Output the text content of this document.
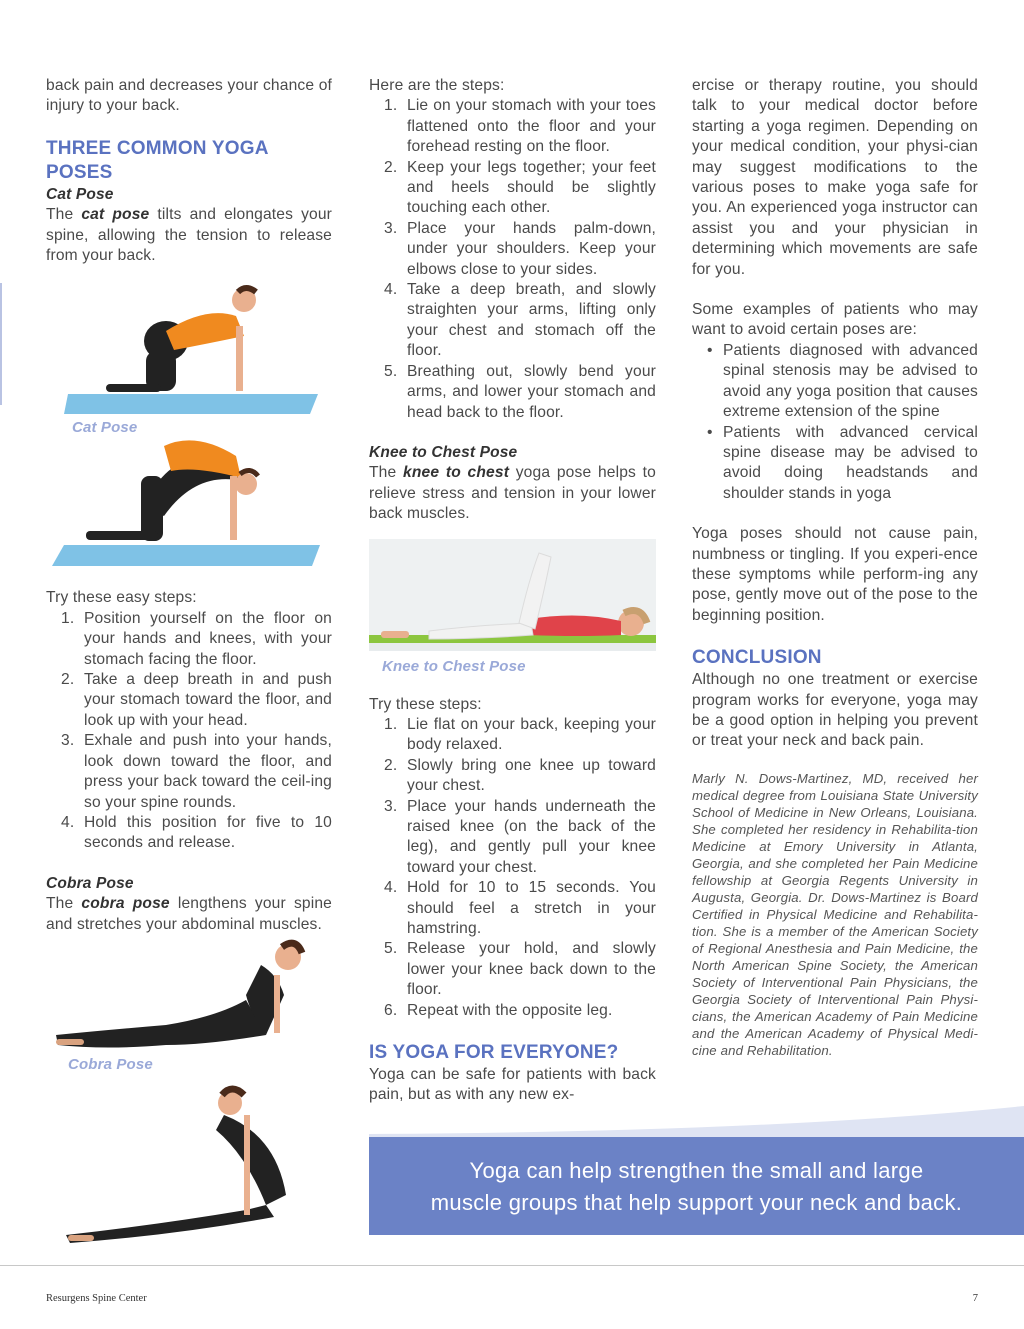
back pain and decreases your chance of injury to your back.

THREE COMMON YOGA POSES
Cat Pose

The cat pose tilts and elongates your spine, allowing the tension to release from your back.

Cat Pose

Try these easy steps:

1. Position yourself on the floor on your hands and knees, with your stomach facing the floor.
2. Take a deep breath in and push your stomach toward the floor, and look up with your head.
3. Exhale and push into your hands, look down toward the floor, and press your back toward the ceil-ing so your spine rounds.
4. Hold this position for five to 10 seconds and release.
Cobra Pose

The cobra pose lengthens your spine and stretches your abdominal muscles.

Cobra Pose

Here are the steps:

1. Lie on your stomach with your toes flattened onto the floor and your forehead resting on the floor.
2. Keep your legs together; your feet and heels should be slightly touching each other.
3. Place your hands palm-down, under your shoulders. Keep your elbows close to your sides.
4. Take a deep breath, and slowly straighten your arms, lifting only your chest and stomach off the floor.
5. Breathing out, slowly bend your arms, and lower your stomach and head back to the floor.
Knee to Chest Pose

The knee to chest yoga pose helps to relieve stress and tension in your lower back muscles.

Knee to Chest Pose

Try these steps:

1. Lie flat on your back, keeping your body relaxed.
2. Slowly bring one knee up toward your chest.
3. Place your hands underneath the raised knee (on the back of the leg), and gently pull your knee toward your chest.
4. Hold for 10 to 15 seconds. You should feel a stretch in your hamstring.
5. Release your hold, and slowly lower your knee back down to the floor.
6. Repeat with the opposite leg.
IS YOGA FOR EVERYONE?

Yoga can be safe for patients with back pain, but as with any new ex-

ercise or therapy routine, you should talk to your medical doctor before starting a yoga regimen. Depending on your medical condition, your physi-cian may suggest modifications to the various poses to make yoga safe for you. An experienced yoga instructor can assist you and your physician in determining which movements are safe for you.

Some examples of patients who may want to avoid certain poses are:

• Patients diagnosed with advanced spinal stenosis may be advised to avoid any yoga position that causes extreme extension of the spine
• Patients with advanced cervical spine disease may be advised to avoid doing headstands and shoulder stands in yoga

Yoga poses should not cause pain, numbness or tingling. If you experi-ence these symptoms while perform-ing any pose, gently move out of the pose to the beginning position.

CONCLUSION

Although no one treatment or exercise program works for everyone, yoga may be a good option in helping you prevent or treat your neck and back pain.

Marly N. Dows-Martinez, MD, received her medical degree from Louisiana State University School of Medicine in New Orleans, Louisiana. She completed her residency in Rehabilita-tion Medicine at Emory University in Atlanta, Georgia, and she completed her Pain Medicine fellowship at Georgia Regents University in Augusta, Georgia. Dr. Dows-Martinez is Board Certified in Physical Medicine and Rehabilita-tion. She is a member of the American Society of Regional Anesthesia and Pain Medicine, the North American Spine Society, the American Society of Interventional Pain Physicians, the Georgia Society of Interventional Pain Physi-cians, the American Academy of Pain Medicine and the American Academy of Physical Medi-cine and Rehabilitation.

Yoga can help strengthen the small and large
muscle groups that help support your neck and back.
Resurgens Spine Center	7
